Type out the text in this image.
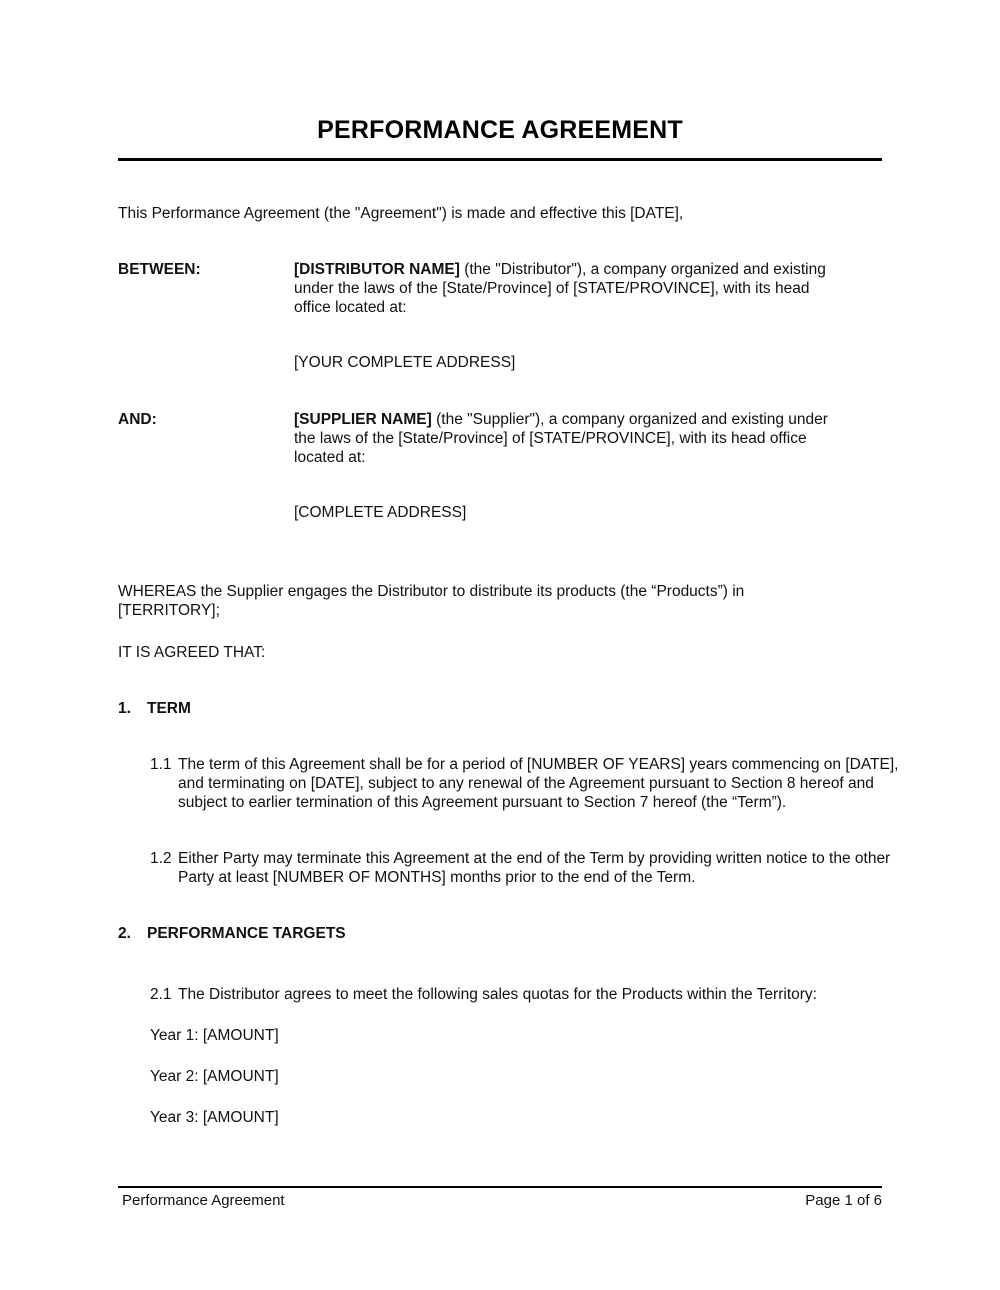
PERFORMANCE AGREEMENT

This Performance Agreement (the "Agreement") is made and effective this [DATE],

BETWEEN:	[DISTRIBUTOR NAME] (the "Distributor"), a company organized and existing
under the laws of the [State/Province] of [STATE/PROVINCE], with its head
office located at:
[YOUR COMPLETE ADDRESS]
AND:	[SUPPLIER NAME] (the "Supplier"), a company organized and existing under
the laws of the [State/Province] of [STATE/PROVINCE], with its head office
located at:
[COMPLETE ADDRESS]

WHEREAS the Supplier engages the Distributor to distribute its products (the “Products”) in [TERRITORY];

IT IS AGREED THAT:

1. TERM
1.1 The term of this Agreement shall be for a period of [NUMBER OF YEARS] years commencing on [DATE], and terminating on [DATE], subject to any renewal of the Agreement pursuant to Section 8 hereof and subject to earlier termination of this Agreement pursuant to Section 7 hereof (the “Term”).
1.2 Either Party may terminate this Agreement at the end of the Term by providing written notice to the other Party at least [NUMBER OF MONTHS] months prior to the end of the Term.
2. PERFORMANCE TARGETS
2.1 The Distributor agrees to meet the following sales quotas for the Products within the Territory:
Year 1: [AMOUNT]
Year 2: [AMOUNT]
Year 3: [AMOUNT]
Performance Agreement	Page 1 of 6
